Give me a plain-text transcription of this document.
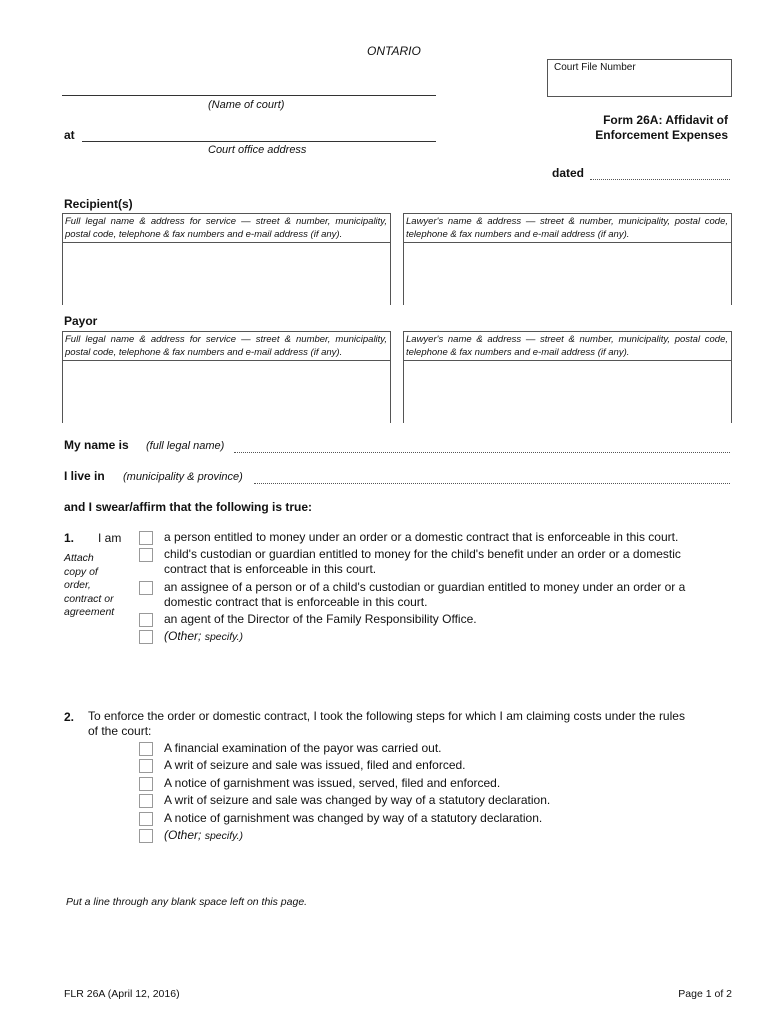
ONTARIO
Court File Number
(Name of court)
at
Court office address
Form 26A: Affidavit of
Enforcement Expenses
dated
Recipient(s)
Full legal name & address for service — street & number, municipality, postal code, telephone & fax numbers and e-mail address (if any).
Lawyer's name & address — street & number, municipality, postal code, telephone & fax numbers and e-mail address (if any).
Payor
Full legal name & address for service — street & number, municipality, postal code, telephone & fax numbers and e-mail address (if any).
Lawyer's name & address — street & number, municipality, postal code, telephone & fax numbers and e-mail address (if any).
My name is (full legal name)
I live in (municipality & province)
and I swear/affirm that the following is true:
1. I am
Attach
copy of
order,
contract or
agreement
a person entitled to money under an order or a domestic contract that is enforceable in this court.
child's custodian or guardian entitled to money for the child's benefit under an order or a domestic
contract that is enforceable in this court.
an assignee of a person or of a child's custodian or guardian entitled to money under an order or a
domestic contract that is enforceable in this court.
an agent of the Director of the Family Responsibility Office.
(Other; specify.)
2. To enforce the order or domestic contract, I took the following steps for which I am claiming costs under the rules
of the court:
A financial examination of the payor was carried out.
A writ of seizure and sale was issued, filed and enforced.
A notice of garnishment was issued, served, filed and enforced.
A writ of seizure and sale was changed by way of a statutory declaration.
A notice of garnishment was changed by way of a statutory declaration.
(Other; specify.)
Put a line through any blank space left on this page.
FLR 26A (April 12, 2016)	Page 1 of 2
